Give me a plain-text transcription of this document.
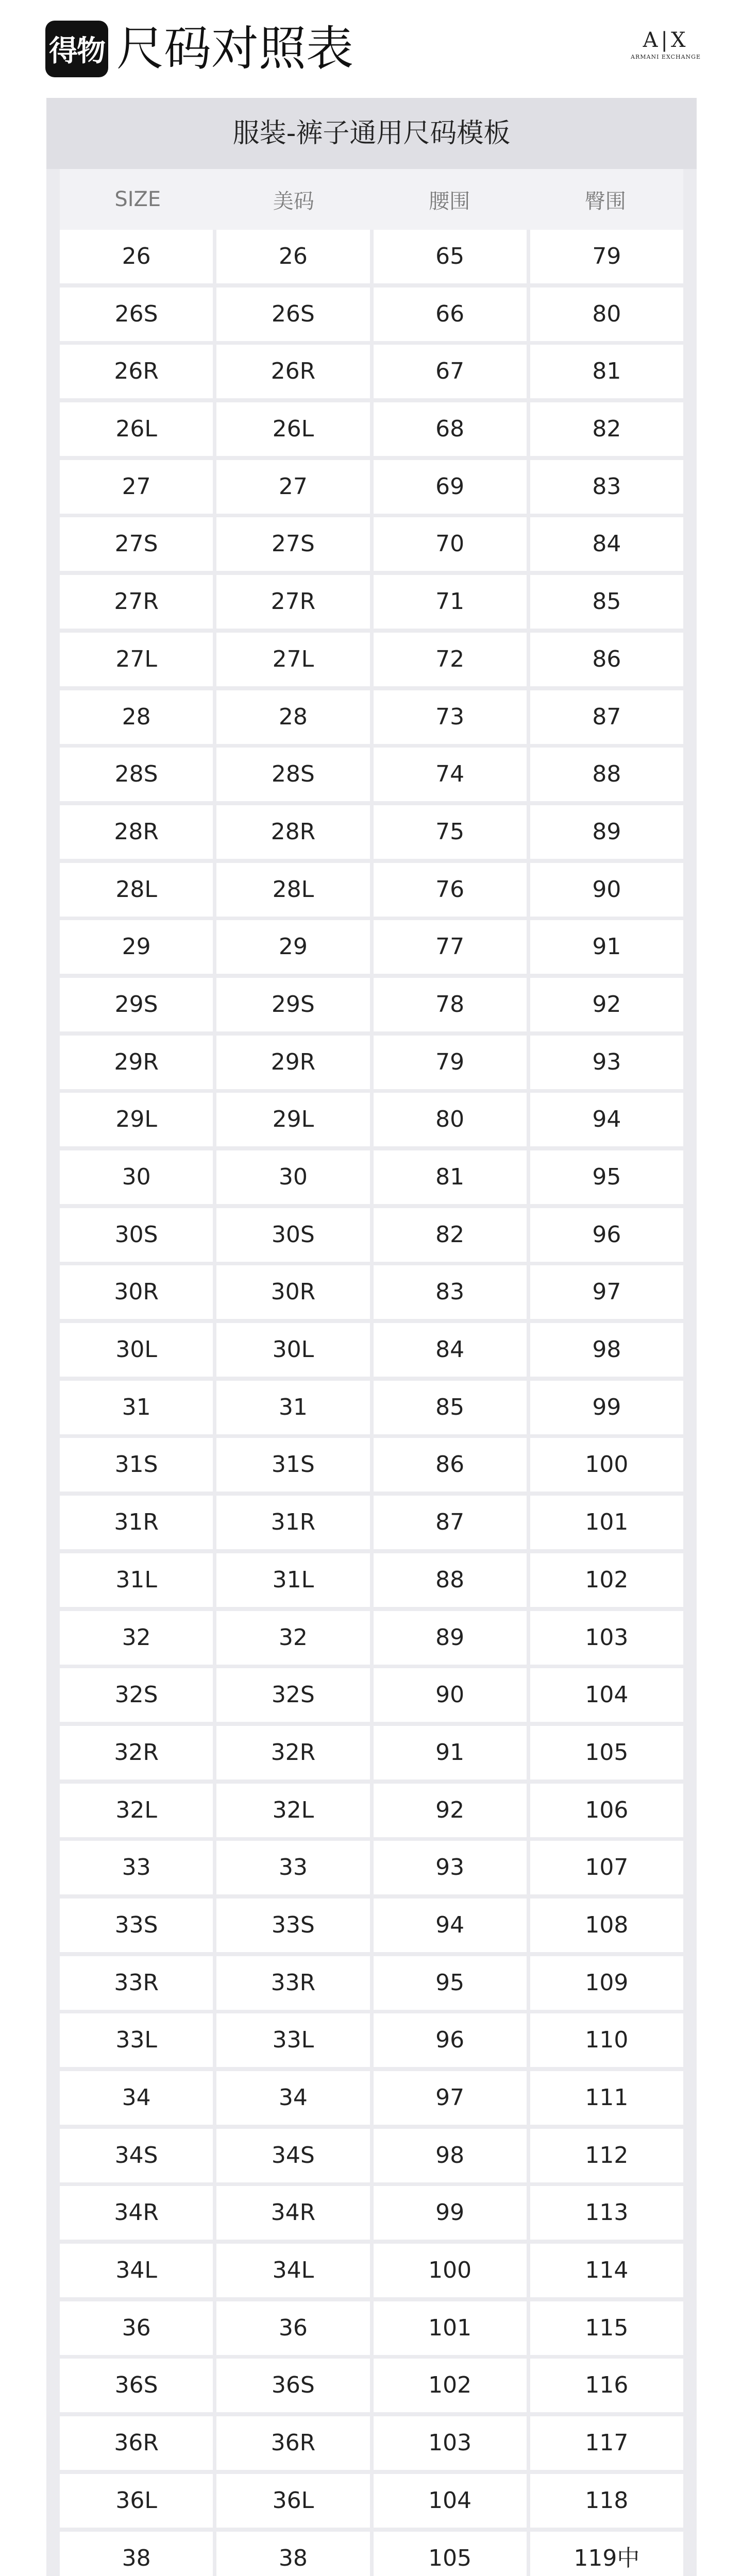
得物 尺码对照表	A|X
ARMANI EXCHANGE
服装-裤子通用尺码模板
SIZE	美码	腰围	臀围
26	26	65	79
26S	26S	66	80
26R	26R	67	81
26L	26L	68	82
27	27	69	83
27S	27S	70	84
27R	27R	71	85
27L	27L	72	86
28	28	73	87
28S	28S	74	88
28R	28R	75	89
28L	28L	76	90
29	29	77	91
29S	29S	78	92
29R	29R	79	93
29L	29L	80	94
30	30	81	95
30S	30S	82	96
30R	30R	83	97
30L	30L	84	98
31	31	85	99
31S	31S	86	100
31R	31R	87	101
31L	31L	88	102
32	32	89	103
32S	32S	90	104
32R	32R	91	105
32L	32L	92	106
33	33	93	107
33S	33S	94	108
33R	33R	95	109
33L	33L	96	110
34	34	97	111
34S	34S	98	112
34R	34R	99	113
34L	34L	100	114
36	36	101	115
36S	36S	102	116
36R	36R	103	117
36L	36L	104	118
38	38	105	119中
